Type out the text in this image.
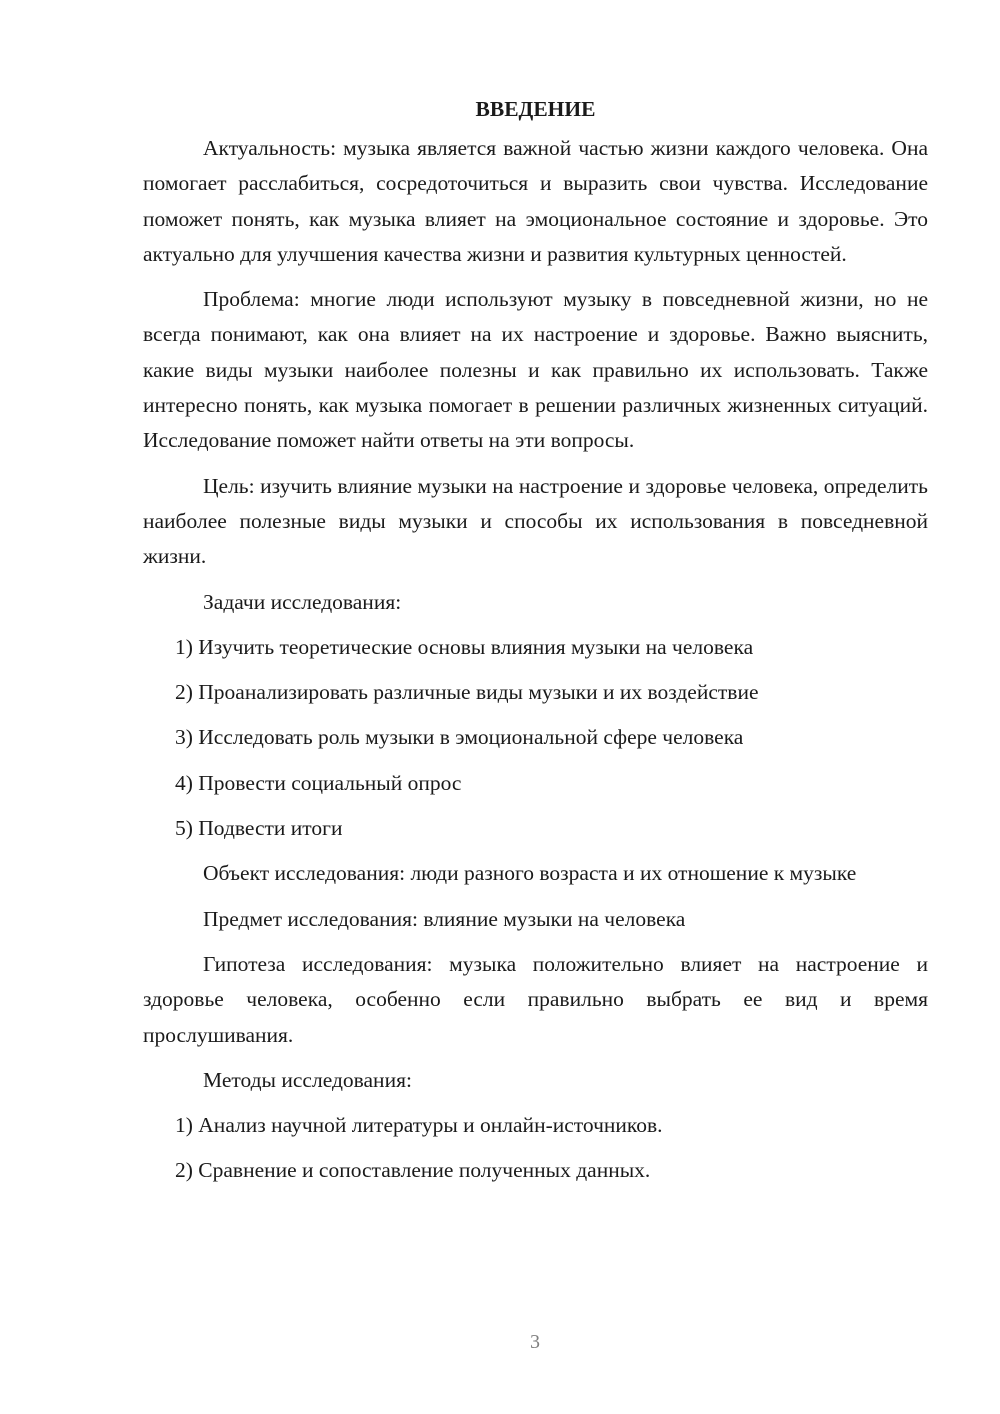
ВВЕДЕНИЕ

Актуальность: музыка является важной частью жизни каждого человека. Она помогает расслабиться, сосредоточиться и выразить свои чувства. Исследование поможет понять, как музыка влияет на эмоциональное состояние и здоровье. Это актуально для улучшения качества жизни и развития культурных ценностей.

Проблема: многие люди используют музыку в повседневной жизни, но не всегда понимают, как она влияет на их настроение и здоровье. Важно выяснить, какие виды музыки наиболее полезны и как правильно их использовать. Также интересно понять, как музыка помогает в решении различных жизненных ситуаций. Исследование поможет найти ответы на эти вопросы.

Цель: изучить влияние музыки на настроение и здоровье человека, определить наиболее полезные виды музыки и способы их использования в повседневной жизни.

Задачи исследования:

1) Изучить теоретические основы влияния музыки на человека

2) Проанализировать различные виды музыки и их воздействие

3) Исследовать роль музыки в эмоциональной сфере человека

4) Провести социальный опрос

5) Подвести итоги

Объект исследования: люди разного возраста и их отношение к музыке

Предмет исследования: влияние музыки на человека

Гипотеза исследования: музыка положительно влияет на настроение и здоровье человека, особенно если правильно выбрать ее вид и время прослушивания.

Методы исследования:

1) Анализ научной литературы и онлайн-источников.

2) Сравнение и сопоставление полученных данных.

3
